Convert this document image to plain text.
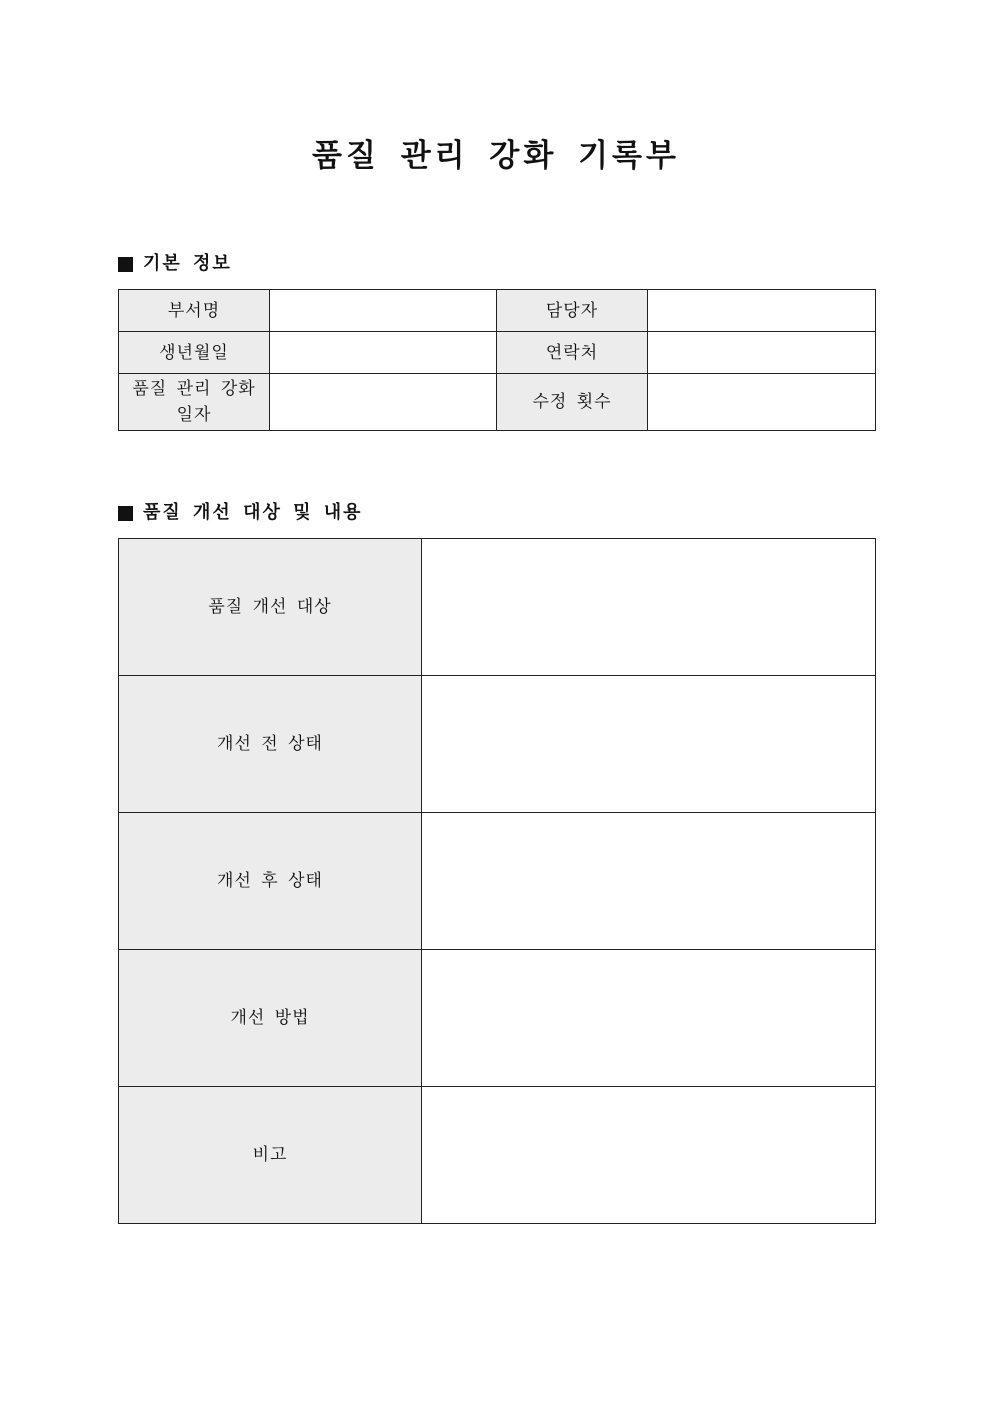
품질 관리 강화 기록부
기본 정보
부서명		담당자	
생년월일		연락처	
품질 관리 강화 일자		수정 횟수	
품질 개선 대상 및 내용
품질 개선 대상	
개선 전 상태	
개선 후 상태	
개선 방법	
비고	
